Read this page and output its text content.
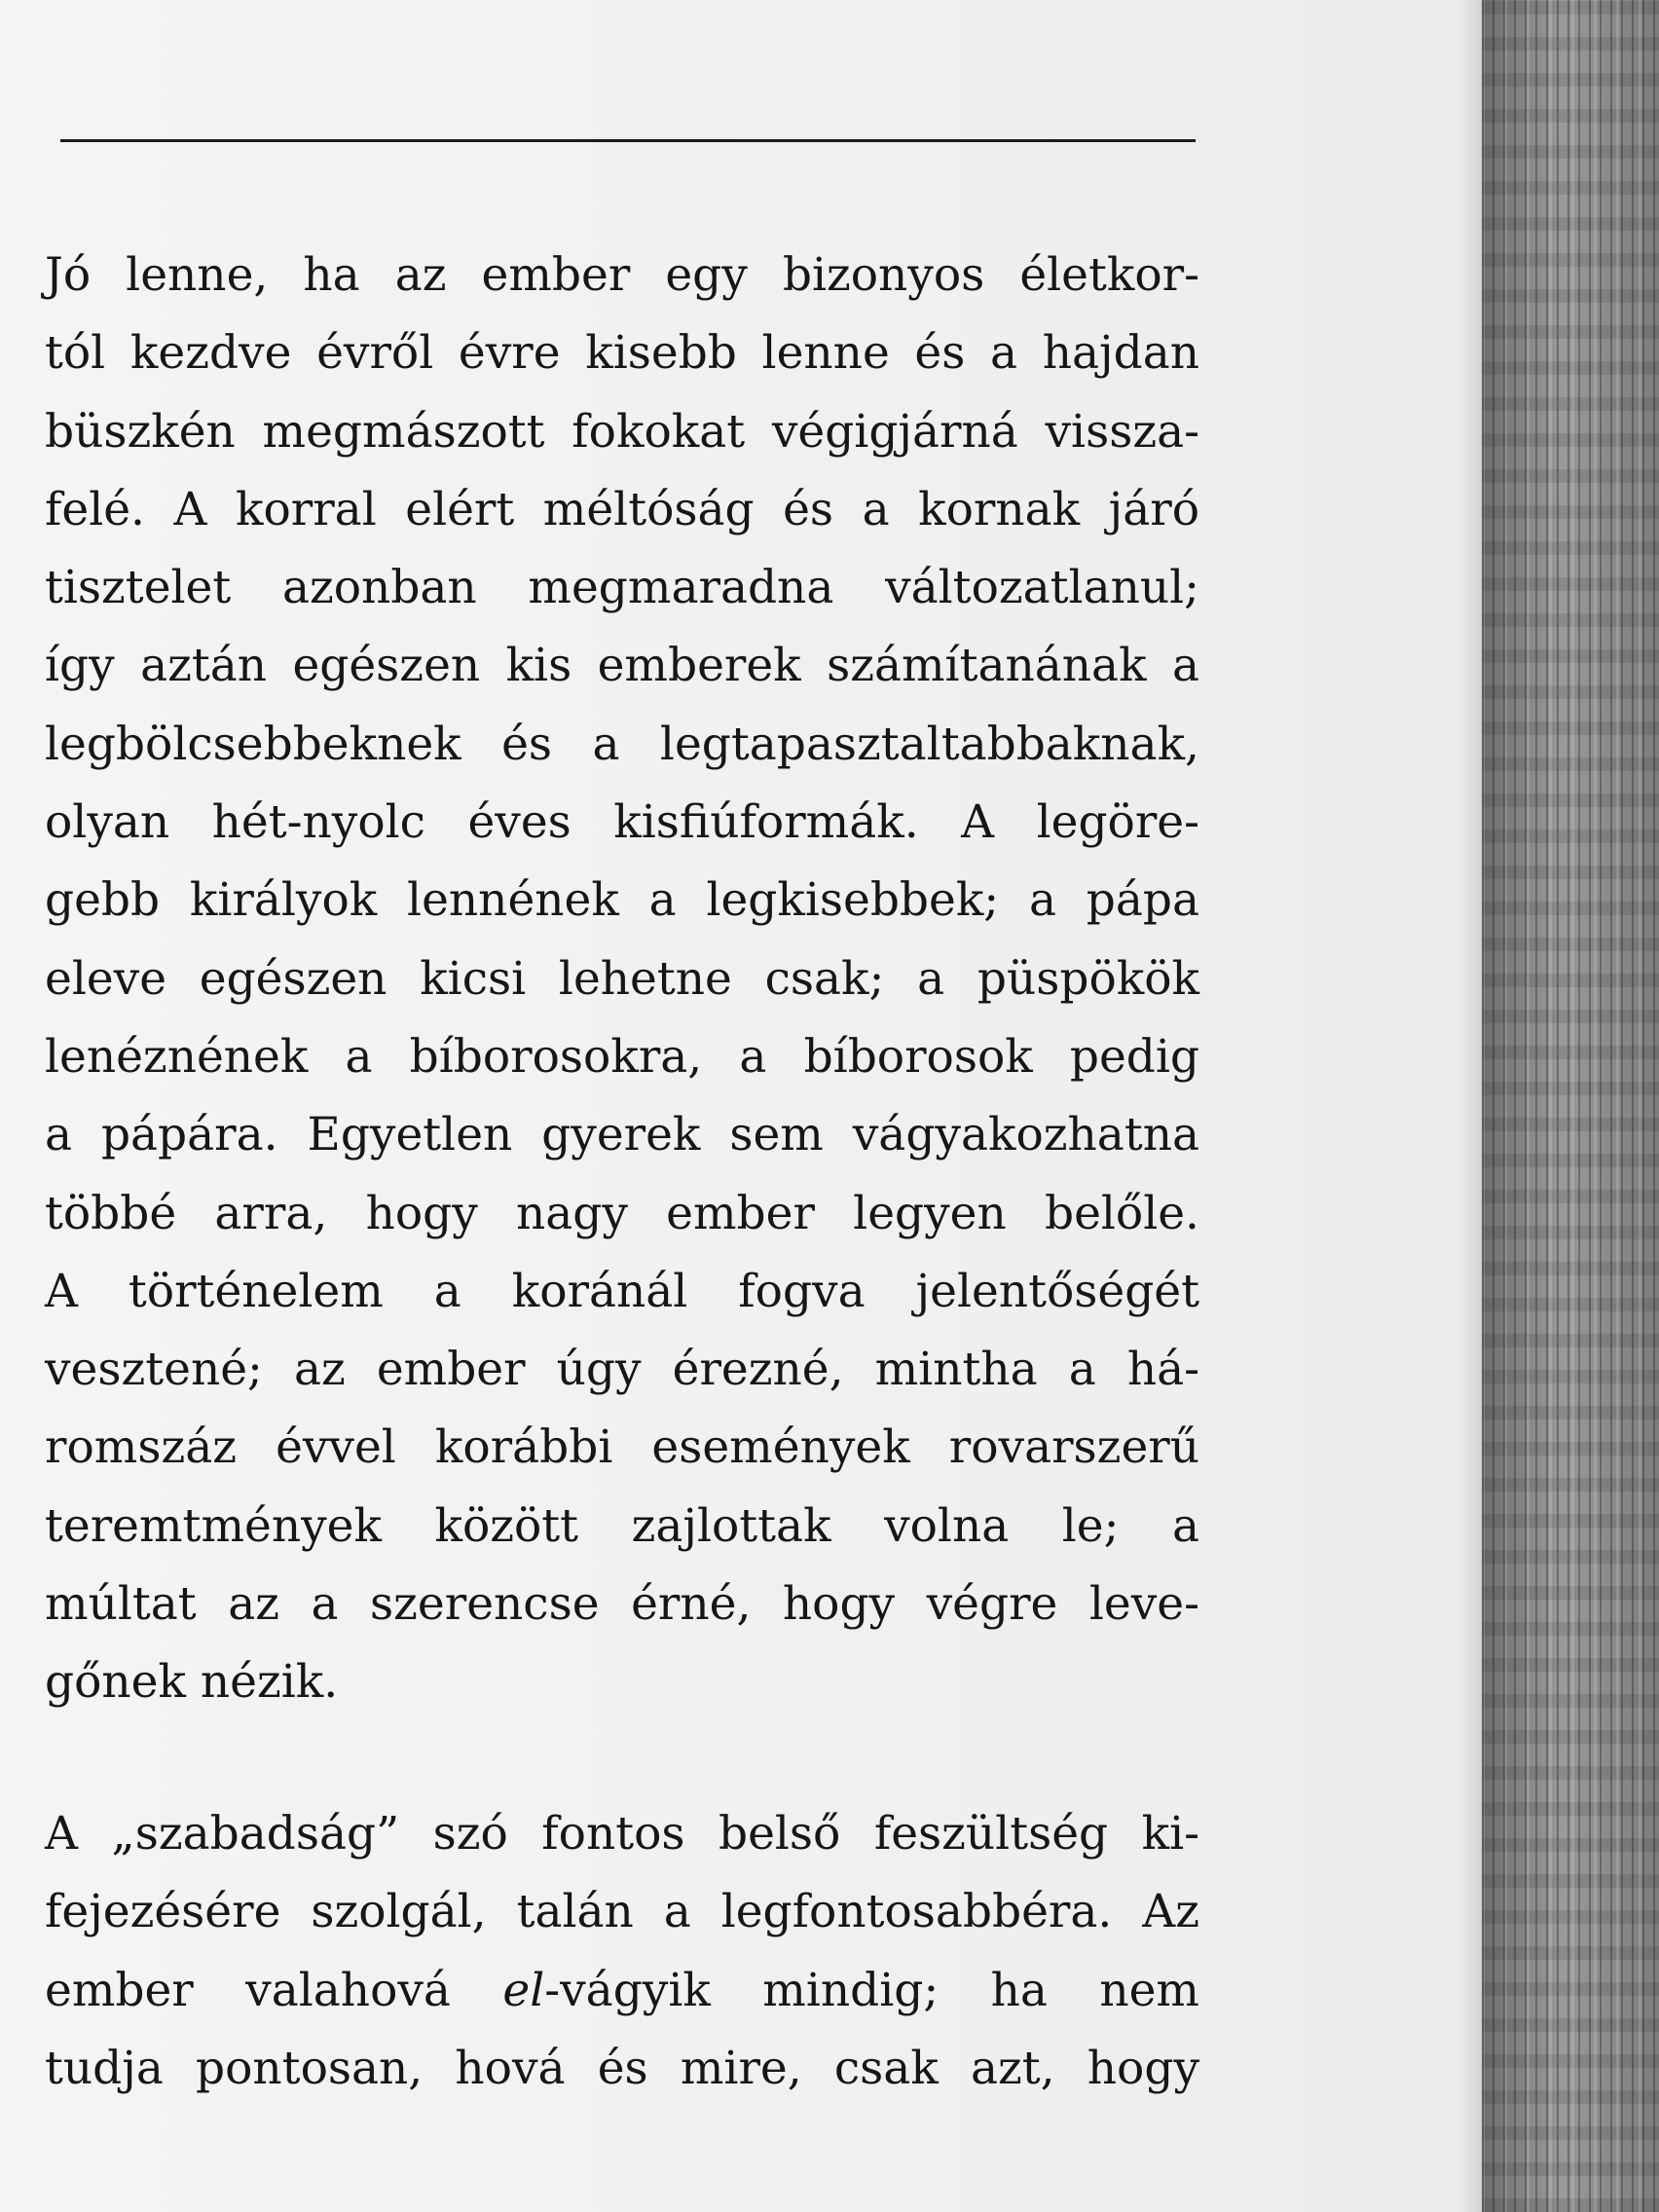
Jó lenne, ha az ember egy bizonyos életkor-
tól kezdve évről évre kisebb lenne és a hajdan
büszkén megmászott fokokat végigjárná vissza-
felé. A korral elért méltóság és a kornak járó
tisztelet azonban megmaradna változatlanul;
így aztán egészen kis emberek számítanának a
legbölcsebbeknek és a legtapasztaltabbaknak,
olyan hét-nyolc éves kisfiúformák. A legöre-
gebb királyok lennének a legkisebbek; a pápa
eleve egészen kicsi lehetne csak; a püspökök
lenéznének a bíborosokra, a bíborosok pedig
a pápára. Egyetlen gyerek sem vágyakozhatna
többé arra, hogy nagy ember legyen belőle.
A történelem a koránál fogva jelentőségét
vesztené; az ember úgy érezné, mintha a há-
romszáz évvel korábbi események rovarszerű
teremtmények között zajlottak volna le; a
múltat az a szerencse érné, hogy végre leve-
gőnek nézik.
A „szabadság” szó fontos belső feszültség ki-
fejezésére szolgál, talán a legfontosabbéra. Az
ember valahová el-vágyik mindig; ha nem
tudja pontosan, hová és mire, csak azt, hogy
